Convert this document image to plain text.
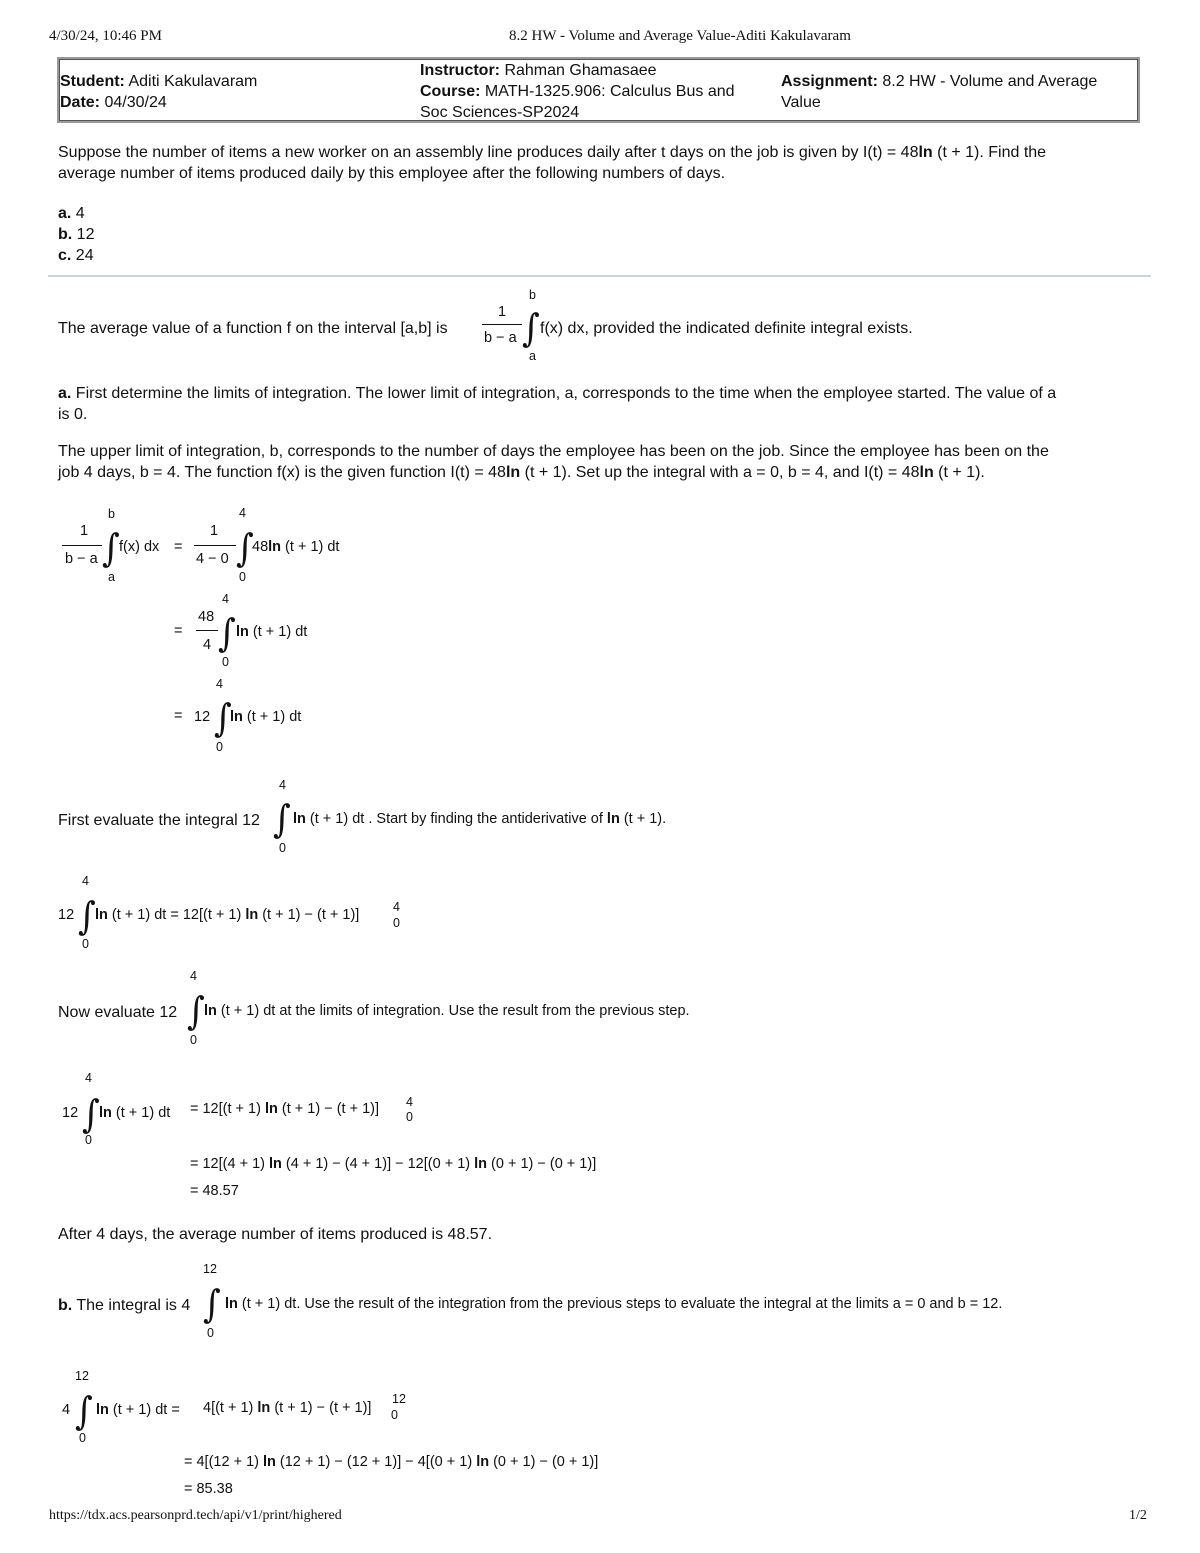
4/30/24, 10:46 PM	8.2 HW - Volume and Average Value-Aditi Kakulavaram
Student: Aditi Kakulavaram
Date: 04/30/24
Instructor: Rahman Ghamasaee
Course: MATH-1325.906: Calculus Bus and
Soc Sciences-SP2024
Assignment: 8.2 HW - Volume and Average
Value
Suppose the number of items a new worker on an assembly line produces daily after t days on the job is given by I(t) = 48ln (t + 1). Find the
average number of items produced daily by this employee after the following numbers of days.
a. 4
b. 12
c. 24
The average value of a function f on the interval [a,b] is
1
b − a ∫
b
a
f(x) dx, provided the indicated definite integral exists.
a. First determine the limits of integration. The lower limit of integration, a, corresponds to the time when the employee started. The value of a
is 0.
The upper limit of integration, b, corresponds to the number of days the employee has been on the job. Since the employee has been on the
job 4 days, b = 4. The function f(x) is the given function I(t) = 48ln (t + 1). Set up the integral with a = 0, b = 4, and I(t) = 48ln (t + 1).
1
b − a ∫
b
a
f(x) dx =
1
4 − 0 ∫
4
0
48ln (t + 1) dt
=
48
4 ∫
4
0
ln (t + 1) dt
= 12 ∫
4
0
ln (t + 1) dt
First evaluate the integral 12 ∫
4
0
ln (t + 1) dt . Start by finding the antiderivative of ln (t + 1).
12 ∫
4
0
ln (t + 1) dt = 12[(t + 1) ln (t + 1) − (t + 1)]	4
0
Now evaluate 12 ∫
4
0
ln (t + 1) dt at the limits of integration. Use the result from the previous step.
12 ∫
4
0
ln (t + 1) dt = 12[(t + 1) ln (t + 1) − (t + 1)] 4
0
= 12[(4 + 1) ln (4 + 1) − (4 + 1)] − 12[(0 + 1) ln (0 + 1) − (0 + 1)]
= 48.57
After 4 days, the average number of items produced is 48.57.
b. The integral is 4 ∫
12
0
ln (t + 1) dt. Use the result of the integration from the previous steps to evaluate the integral at the limits a = 0 and b = 12.
4 ∫
12
0
ln (t + 1) dt = 4[(t + 1) ln (t + 1) − (t + 1)]
12
0
= 4[(12 + 1) ln (12 + 1) − (12 + 1)] − 4[(0 + 1) ln (0 + 1) − (0 + 1)]
= 85.38
https://tdx.acs.pearsonprd.tech/api/v1/print/highered	1/2
